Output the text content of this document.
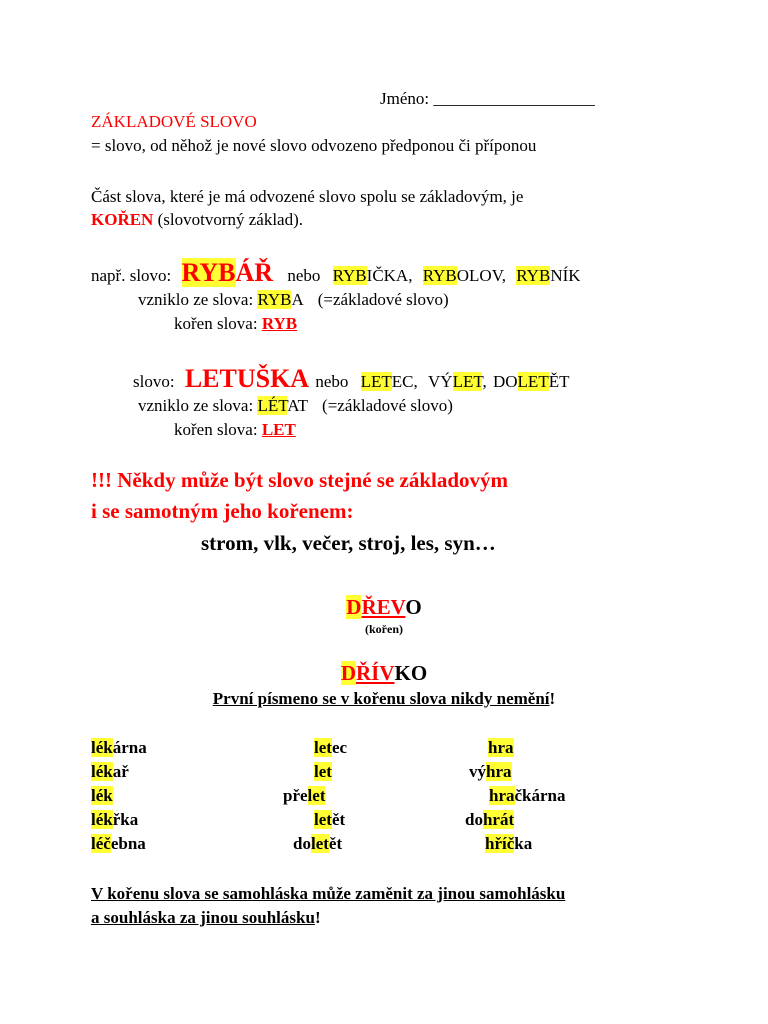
Jméno: ___________________
ZÁKLADOVÉ SLOVO
= slovo, od něhož je nové slovo odvozeno předponou či příponou
Část slova, které je má odvozené slovo spolu se základovým, je
KOŘEN (slovotvorný základ).
např. slovo: RYBÁŘ nebo RYBIČKA, RYBOLOV, RYBNÍK
vzniklo ze slova: RYBA (=základové slovo)
kořen slova: RYB
slovo: LETUŠKA nebo LETEC, VÝLET, DOLETĚT
vzniklo ze slova: LÉTAT (=základové slovo)
kořen slova: LET
!!! Někdy může být slovo stejné se základovým
i se samotným jeho kořenem:
strom, vlk, večer, stroj, les, syn…
DŘEVO
(kořen)
DŘÍVKO
První písmeno se v kořenu slova nikdy nemění!
lékárna
lékař
lék
lékřka
léčebna
letec
let
přelet
letět
doletět
hra
výhra
hračkárna
dohrát
hříčka
V kořenu slova se samohláska může zaměnit za jinou samohlásku
a souhláska za jinou souhlásku!
